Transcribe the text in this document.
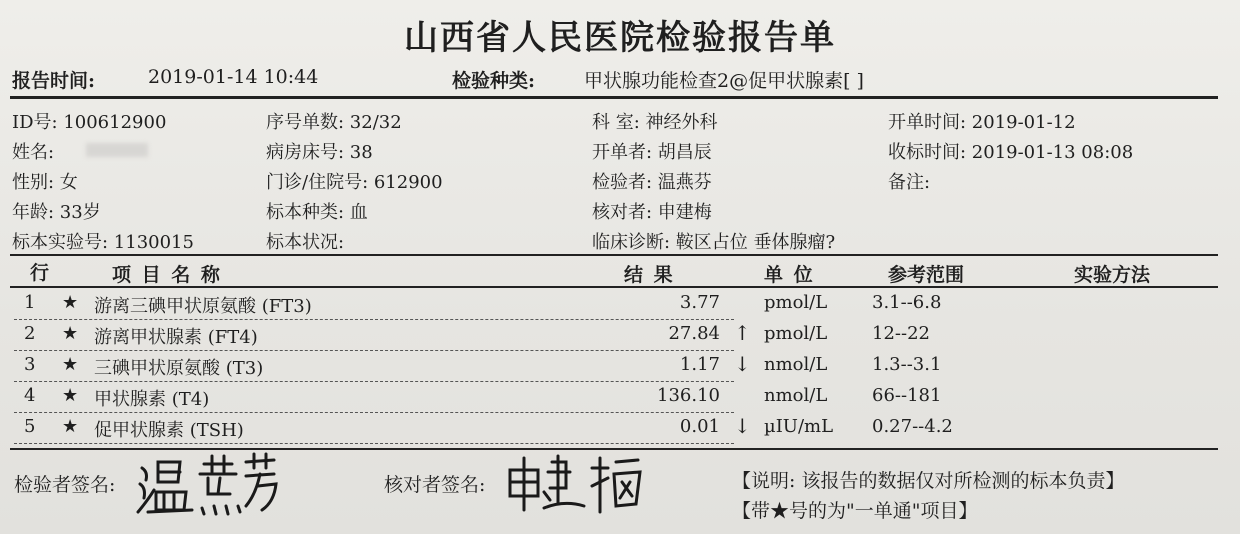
山西省人民医院检验报告单
报告时间:	2019-01-14 10:44	检验种类:	甲状腺功能检查2@促甲状腺素[ ]
ID号: 100612900	序号单数: 32/32	科 室: 神经外科	开单时间: 2019-01-12
姓名:	病房床号: 38	开单者: 胡昌辰	收标时间: 2019-01-13 08:08
性别: 女	门诊/住院号: 612900	检验者: 温燕芬	备注:
年龄: 33岁	标本种类: 血	核对者: 申建梅
标本实验号: 1130015	标本状况:	临床诊断: 鞍区占位 垂体腺瘤?
行	项 目 名 称	结 果	单 位	参考范围	实验方法
1 ★ 游离三碘甲状原氨酸 (FT3)	3.77 pmol/L 3.1--6.8
2 ★ 游离甲状腺素 (FT4)	27.84 ↑ pmol/L 12--22
3 ★ 三碘甲状原氨酸 (T3)	1.17 ↓ nmol/L 1.3--3.1
4 ★ 甲状腺素 (T4)	136.10 nmol/L 66--181
5 ★ 促甲状腺素 (TSH)	0.01 ↓ µIU/mL 0.27--4.2
检验者签名:	核对者签名:	【说明: 该报告的数据仅对所检测的标本负责】
【带★号的为"一单通"项目】
